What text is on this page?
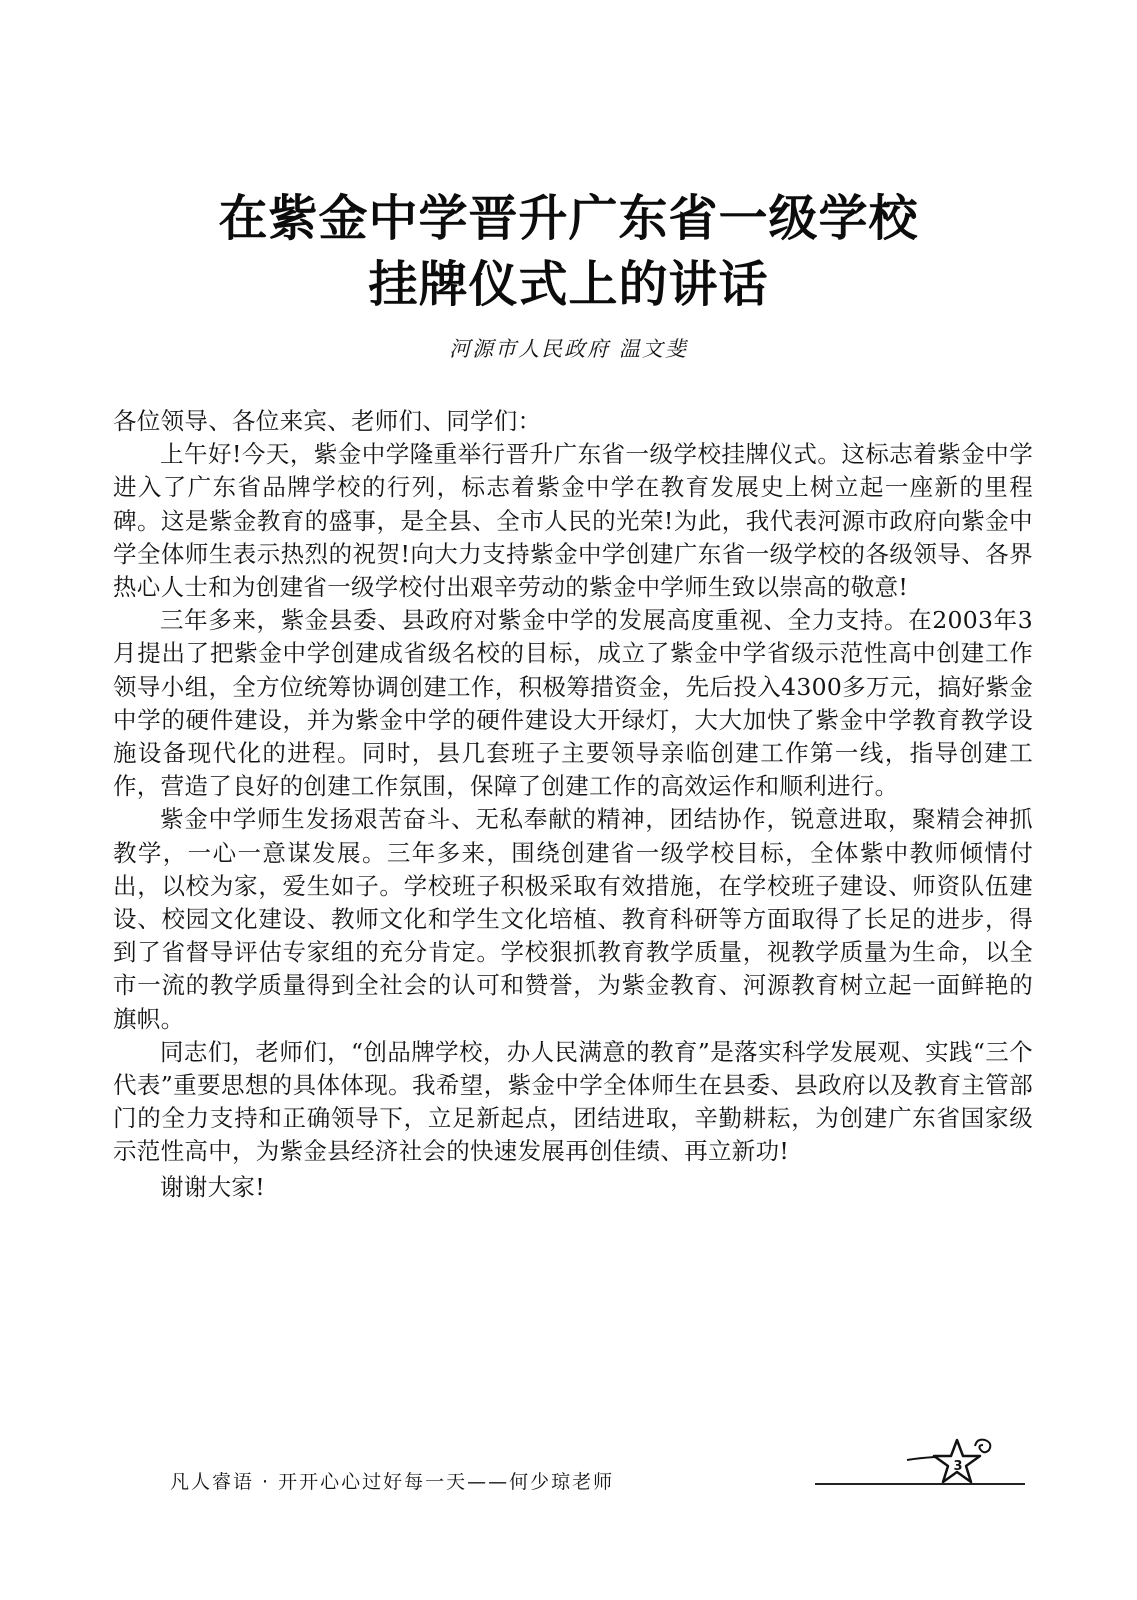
在紫金中学晋升广东省一级学校
挂牌仪式上的讲话
河源市人民政府 温文斐

各位领导、各位来宾、老师们、同学们：

上午好!今天，紫金中学隆重举行晋升广东省一级学校挂牌仪式。这标志着紫金中学进入了广东省品牌学校的行列，标志着紫金中学在教育发展史上树立起一座新的里程碑。这是紫金教育的盛事，是全县、全市人民的光荣!为此，我代表河源市政府向紫金中学全体师生表示热烈的祝贺!向大力支持紫金中学创建广东省一级学校的各级领导、各界热心人士和为创建省一级学校付出艰辛劳动的紫金中学师生致以崇高的敬意!

三年多来，紫金县委、县政府对紫金中学的发展高度重视、全力支持。在2003年3月提出了把紫金中学创建成省级名校的目标，成立了紫金中学省级示范性高中创建工作领导小组，全方位统筹协调创建工作，积极筹措资金，先后投入4300多万元，搞好紫金中学的硬件建设，并为紫金中学的硬件建设大开绿灯，大大加快了紫金中学教育教学设施设备现代化的进程。同时，县几套班子主要领导亲临创建工作第一线，指导创建工作，营造了良好的创建工作氛围，保障了创建工作的高效运作和顺利进行。

紫金中学师生发扬艰苦奋斗、无私奉献的精神，团结协作，锐意进取，聚精会神抓教学，一心一意谋发展。三年多来，围绕创建省一级学校目标，全体紫中教师倾情付出，以校为家，爱生如子。学校班子积极采取有效措施，在学校班子建设、师资队伍建设、校园文化建设、教师文化和学生文化培植、教育科研等方面取得了长足的进步，得到了省督导评估专家组的充分肯定。学校狠抓教育教学质量，视教学质量为生命，以全市一流的教学质量得到全社会的认可和赞誉，为紫金教育、河源教育树立起一面鲜艳的旗帜。

同志们，老师们，“创品牌学校，办人民满意的教育”是落实科学发展观、实践“三个代表”重要思想的具体体现。我希望，紫金中学全体师生在县委、县政府以及教育主管部门的全力支持和正确领导下，立足新起点，团结进取，辛勤耕耘，为创建广东省国家级示范性高中，为紫金县经济社会的快速发展再创佳绩、再立新功!

谢谢大家!

凡人睿语 · 开开心心过好每一天——何少琼老师
3
